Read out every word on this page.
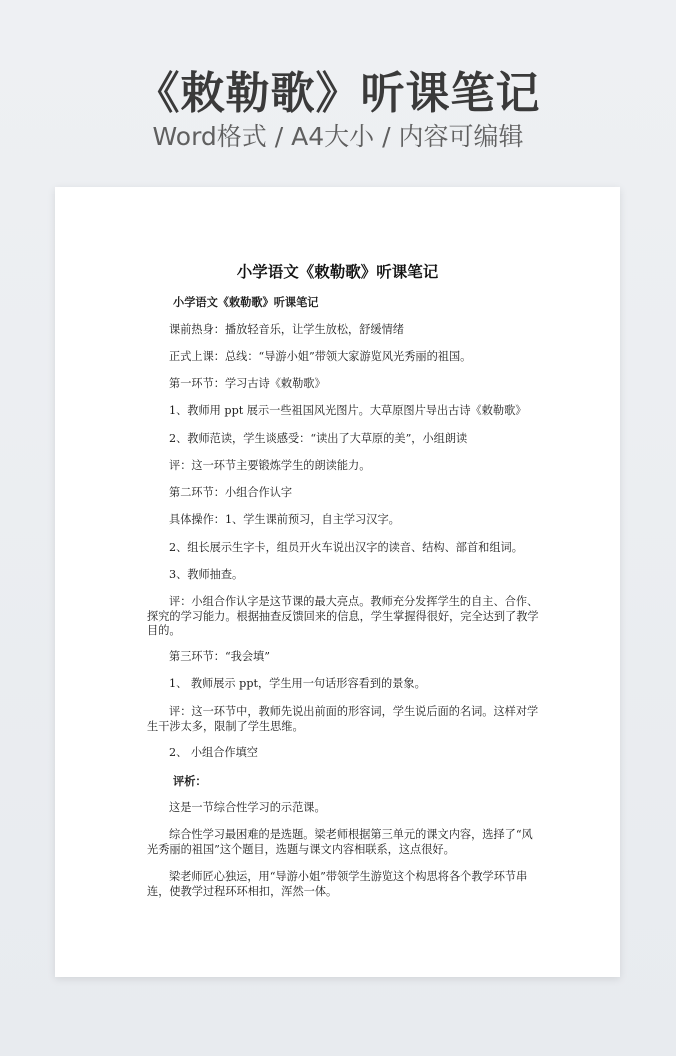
《敕勒歌》听课笔记
Word格式 / A4大小 / 内容可编辑
小学语文《敕勒歌》听课笔记
小学语文《敕勒歌》听课笔记
课前热身：播放轻音乐，让学生放松，舒缓情绪
正式上课：总线：“导游小姐”带领大家游览风光秀丽的祖国。
第一环节：学习古诗《敕勒歌》
1、教师用 ppt 展示一些祖国风光图片。大草原图片导出古诗《敕勒歌》
2、教师范读，学生谈感受：“读出了大草原的美”，小组朗读
评：这一环节主要锻炼学生的朗读能力。
第二环节：小组合作认字
具体操作：1、学生课前预习，自主学习汉字。
2、组长展示生字卡，组员开火车说出汉字的读音、结构、部首和组词。
3、教师抽查。
评：小组合作认字是这节课的最大亮点。教师充分发挥学生的自主、合作、探究的学习能力。根据抽查反馈回来的信息，学生掌握得很好，完全达到了教学目的。
第三环节：“我会填”
1、 教师展示 ppt，学生用一句话形容看到的景象。
评：这一环节中，教师先说出前面的形容词，学生说后面的名词。这样对学生干涉太多，限制了学生思维。
2、 小组合作填空
评析：
这是一节综合性学习的示范课。
综合性学习最困难的是选题。梁老师根据第三单元的课文内容，选择了“风光秀丽的祖国”这个题目，选题与课文内容相联系，这点很好。
梁老师匠心独运，用“导游小姐”带领学生游览这个构思将各个教学环节串连，使教学过程环环相扣，浑然一体。
